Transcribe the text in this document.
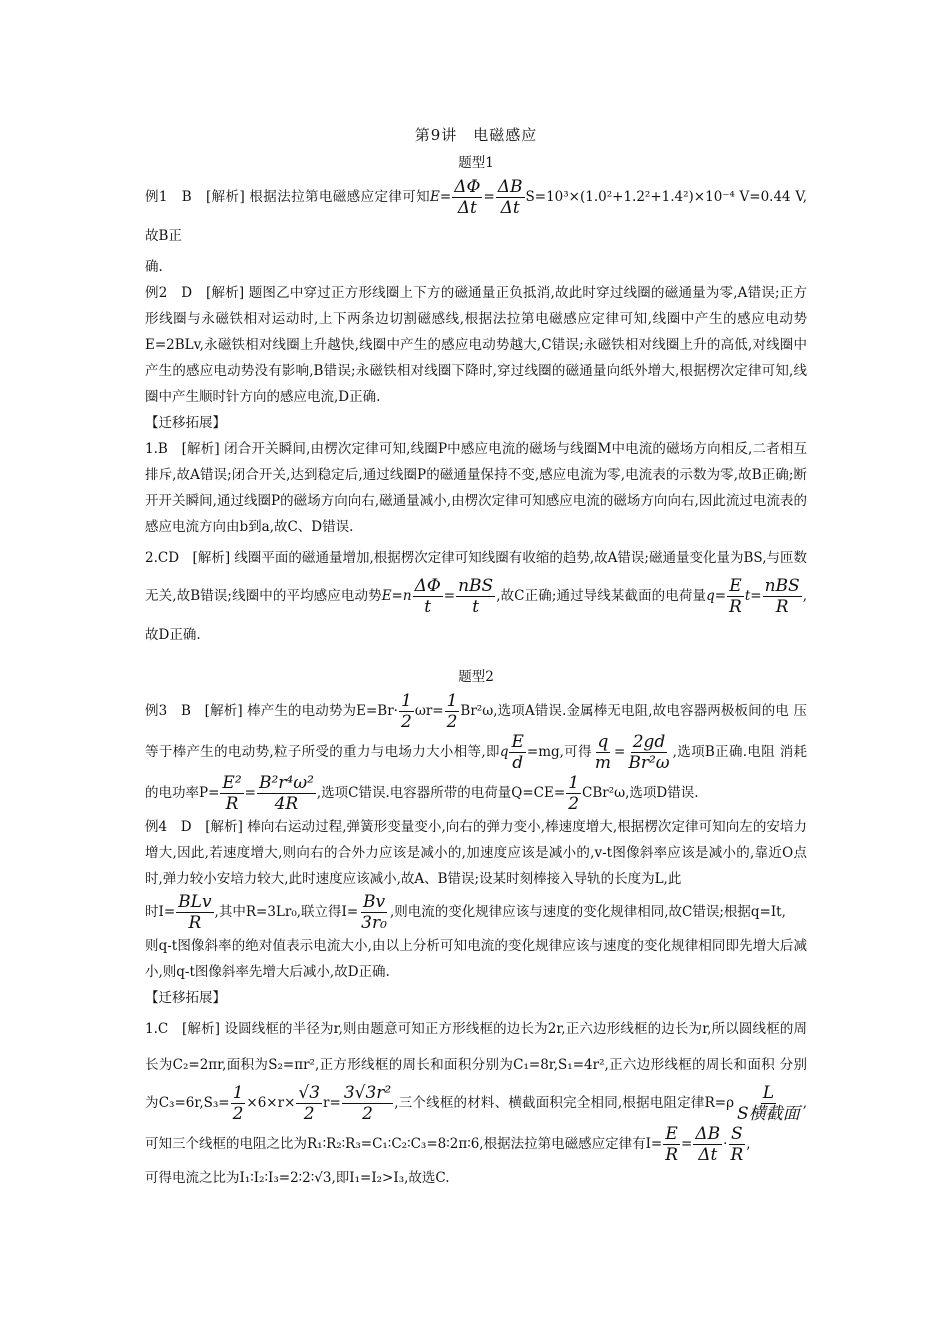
第9讲　电磁感应
题型1

例1　B　[解析] 根据法拉第电磁感应定律可知$E= \frac{\Delta\Phi}{\Delta t} = \frac{\Delta B}{\Delta t} S=10^3\times(1.0^2+1.2^2+1.4^2)\times 10^{-4}$ V=0.44 V,故B正

确.

例2　D　[解析] 题图乙中穿过正方形线圈上下方的磁通量正负抵消,故此时穿过线圈的磁通量为零,A错误;正方形线圈与永磁铁相对运动时,上下两条边切割磁感线,根据法拉第电磁感应定律可知,线圈中产生的感应电动势E=2BLv,永磁铁相对线圈上升越快,线圈中产生的感应电动势越大,C错误;永磁铁相对线圈上升的高低,对线圈中产生的感应电动势没有影响,B错误;永磁铁相对线圈下降时,穿过线圈的磁通量向纸外增大,根据楞次定律可知,线圈中产生顺时针方向的感应电流,D正确.

【迁移拓展】

1.B　[解析] 闭合开关瞬间,由楞次定律可知,线圈P中感应电流的磁场与线圈M中电流的磁场方向相反,二者相互排斥,故A错误;闭合开关,达到稳定后,通过线圈P的磁通量保持不变,感应电流为零,电流表的示数为零,故B正确;断开开关瞬间,通过线圈P的磁场方向向右,磁通量减小,由楞次定律可知感应电流的磁场方向向右,因此流过电流表的感应电流方向由b到a,故C、D错误.

2.CD　[解析] 线圈平面的磁通量增加,根据楞次定律可知线圈有收缩的趋势,故A错误;磁通量变化量为BS,与匝数无关,故B错误;线圈中的平均感应电动势$E=n \frac{\Delta\Phi}{t} = \frac{\text{nBS}}{t}$ ,故C正确;通过导线某截面的电荷量$q= \frac{E}{R} t= \frac{\text{nBS}}{R}$ ,故D正确.

题型2

例3　B　[解析] 棒产生的电动势为$E=Br\cdot \frac{1}{2} \omega r= \frac{1}{2} Br^2\omega$,选项A错误.金属棒无电阻,故电容器两极板间的电 压等于棒产生的电动势,粒子所受的重力与电场力大小相等,即q $\frac{E}{d} =mg$,可得 $\frac{q}{m} = \frac{2gd}{\text{Br²ω}}$ ,选项B正确.电阻 消耗的电功率$P= \frac{\text{E²}}{R} = \frac{\text{B²r⁴ω²}}{4R}$ ,选项C错误.电容器所带的电荷量$Q=CE= \frac{1}{2} CBr^2\omega$,选项D错误.

例4　D　[解析] 棒向右运动过程,弹簧形变量变小,向右的弹力变小,棒速度增大,根据楞次定律可知向左的安培力增大,因此,若速度增大,则向右的合外力应该是减小的,加速度应该是减小的,v-t图像斜率应该是减小的,靠近O点时,弹力较小安培力较大,此时速度应该减小,故A、B错误;设某时刻棒接入导轨的长度为L,此

时$I= \frac{\text{BLv}}{R}$ ,其中R=3Lr₀,联立得$I= \frac{Bv}{\text{3r₀}}$ ,则电流的变化规律应该与速度的变化规律相同,故C错误;根据q=It,

则q-t图像斜率的绝对值表示电流大小,由以上分析可知电流的变化规律应该与速度的变化规律相同即先增大后减小,则q-t图像斜率先增大后减小,故D正确.

【迁移拓展】

1.C　[解析] 设圆线框的半径为r,则由题意可知正方形线框的边长为2r,正六边形线框的边长为r,所以圆线框的周长为C₂=2πr,面积为S₂=πr²,正方形线框的周长和面积分别为C₁=8r,S₁=4r²,正六边形线框的周长和面积 分别为$C_3=6r,S_3= \frac{1}{2} \times 6\times r\times \frac{√3}{2} r= \frac{\text{3√3r²}}{2}$ ,三个线框的材料、横截面积完全相同,根据电阻定律$R=\rho \frac{L}{\text{S横截面}}$ , 可知三个线框的电阻之比为R₁∶R₂∶R₃=C₁∶C₂∶C₃=8∶2π∶6,根据法拉第电磁感应定律有$I= \frac{E}{R} = \frac{\Delta B}{\Delta t} \cdot \frac{S}{R}$ ,

可得电流之比为I₁∶I₂∶I₃=2∶2∶√3,即I₁=I₂>I₃,故选C.
